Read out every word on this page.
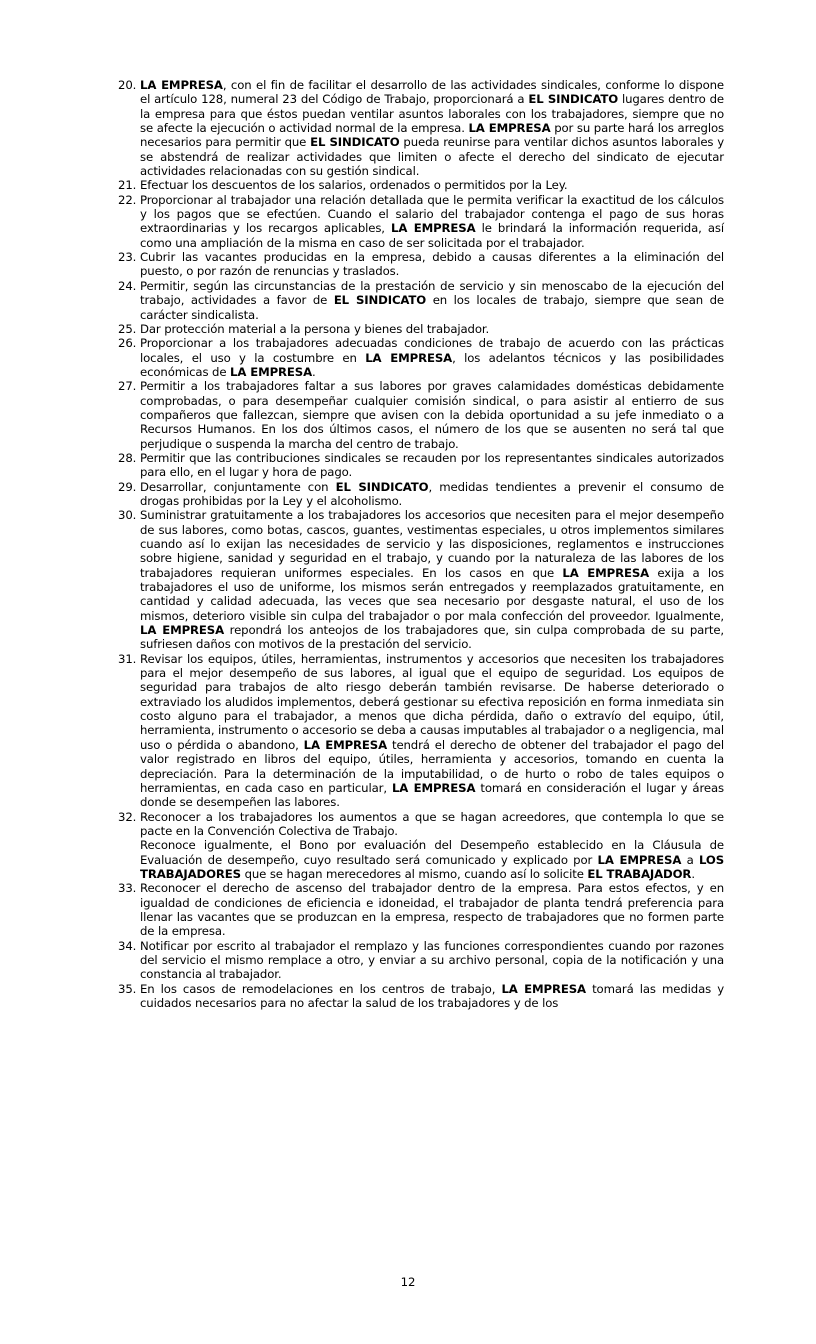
20. LA EMPRESA, con el fin de facilitar el desarrollo de las actividades sindicales, conforme lo dispone el artículo 128, numeral 23 del Código de Trabajo, proporcionará a EL SINDICATO lugares dentro de la empresa para que éstos puedan ventilar asuntos laborales con los trabajadores, siempre que no se afecte la ejecución o actividad normal de la empresa. LA EMPRESA por su parte hará los arreglos necesarios para permitir que EL SINDICATO pueda reunirse para ventilar dichos asuntos laborales y se abstendrá de realizar actividades que limiten o afecte el derecho del sindicato de ejecutar actividades relacionadas con su gestión sindical.

21. Efectuar los descuentos de los salarios, ordenados o permitidos por la Ley.

22. Proporcionar al trabajador una relación detallada que le permita verificar la exactitud de los cálculos y los pagos que se efectúen. Cuando el salario del trabajador contenga el pago de sus horas extraordinarias y los recargos aplicables, LA EMPRESA le brindará la información requerida, así como una ampliación de la misma en caso de ser solicitada por el trabajador.

23. Cubrir las vacantes producidas en la empresa, debido a causas diferentes a la eliminación del puesto, o por razón de renuncias y traslados.

24. Permitir, según las circunstancias de la prestación de servicio y sin menoscabo de la ejecución del trabajo, actividades a favor de EL SINDICATO en los locales de trabajo, siempre que sean de carácter sindicalista.

25. Dar protección material a la persona y bienes del trabajador.

26. Proporcionar a los trabajadores adecuadas condiciones de trabajo de acuerdo con las prácticas locales, el uso y la costumbre en LA EMPRESA, los adelantos técnicos y las posibilidades económicas de LA EMPRESA.

27. Permitir a los trabajadores faltar a sus labores por graves calamidades domésticas debidamente comprobadas, o para desempeñar cualquier comisión sindical, o para asistir al entierro de sus compañeros que fallezcan, siempre que avisen con la debida oportunidad a su jefe inmediato o a Recursos Humanos. En los dos últimos casos, el número de los que se ausenten no será tal que perjudique o suspenda la marcha del centro de trabajo.

28. Permitir que las contribuciones sindicales se recauden por los representantes sindicales autorizados para ello, en el lugar y hora de pago.

29. Desarrollar, conjuntamente con EL SINDICATO, medidas tendientes a prevenir el consumo de drogas prohibidas por la Ley y el alcoholismo.

30. Suministrar gratuitamente a los trabajadores los accesorios que necesiten para el mejor desempeño de sus labores, como botas, cascos, guantes, vestimentas especiales, u otros implementos similares cuando así lo exijan las necesidades de servicio y las disposiciones, reglamentos e instrucciones sobre higiene, sanidad y seguridad en el trabajo, y cuando por la naturaleza de las labores de los trabajadores requieran uniformes especiales. En los casos en que LA EMPRESA exija a los trabajadores el uso de uniforme, los mismos serán entregados y reemplazados gratuitamente, en cantidad y calidad adecuada, las veces que sea necesario por desgaste natural, el uso de los mismos, deterioro visible sin culpa del trabajador o por mala confección del proveedor. Igualmente, LA EMPRESA repondrá los anteojos de los trabajadores que, sin culpa comprobada de su parte, sufriesen daños con motivos de la prestación del servicio.

31. Revisar los equipos, útiles, herramientas, instrumentos y accesorios que necesiten los trabajadores para el mejor desempeño de sus labores, al igual que el equipo de seguridad. Los equipos de seguridad para trabajos de alto riesgo deberán también revisarse. De haberse deteriorado o extraviado los aludidos implementos, deberá gestionar su efectiva reposición en forma inmediata sin costo alguno para el trabajador, a menos que dicha pérdida, daño o extravío del equipo, útil, herramienta, instrumento o accesorio se deba a causas imputables al trabajador o a negligencia, mal uso o pérdida o abandono, LA EMPRESA tendrá el derecho de obtener del trabajador el pago del valor registrado en libros del equipo, útiles, herramienta y accesorios, tomando en cuenta la depreciación. Para la determinación de la imputabilidad, o de hurto o robo de tales equipos o herramientas, en cada caso en particular, LA EMPRESA tomará en consideración el lugar y áreas donde se desempeñen las labores.

32. Reconocer a los trabajadores los aumentos a que se hagan acreedores, que contempla lo que se pacte en la Convención Colectiva de Trabajo.

Reconoce igualmente, el Bono por evaluación del Desempeño establecido en la Cláusula de Evaluación de desempeño, cuyo resultado será comunicado y explicado por LA EMPRESA a LOS TRABAJADORES que se hagan merecedores al mismo, cuando así lo solicite EL TRABAJADOR.

33. Reconocer el derecho de ascenso del trabajador dentro de la empresa. Para estos efectos, y en igualdad de condiciones de eficiencia e idoneidad, el trabajador de planta tendrá preferencia para llenar las vacantes que se produzcan en la empresa, respecto de trabajadores que no formen parte de la empresa.

34. Notificar por escrito al trabajador el remplazo y las funciones correspondientes cuando por razones del servicio el mismo remplace a otro, y enviar a su archivo personal, copia de la notificación y una constancia al trabajador.

35. En los casos de remodelaciones en los centros de trabajo, LA EMPRESA tomará las medidas y cuidados necesarios para no afectar la salud de los trabajadores y de los

12
